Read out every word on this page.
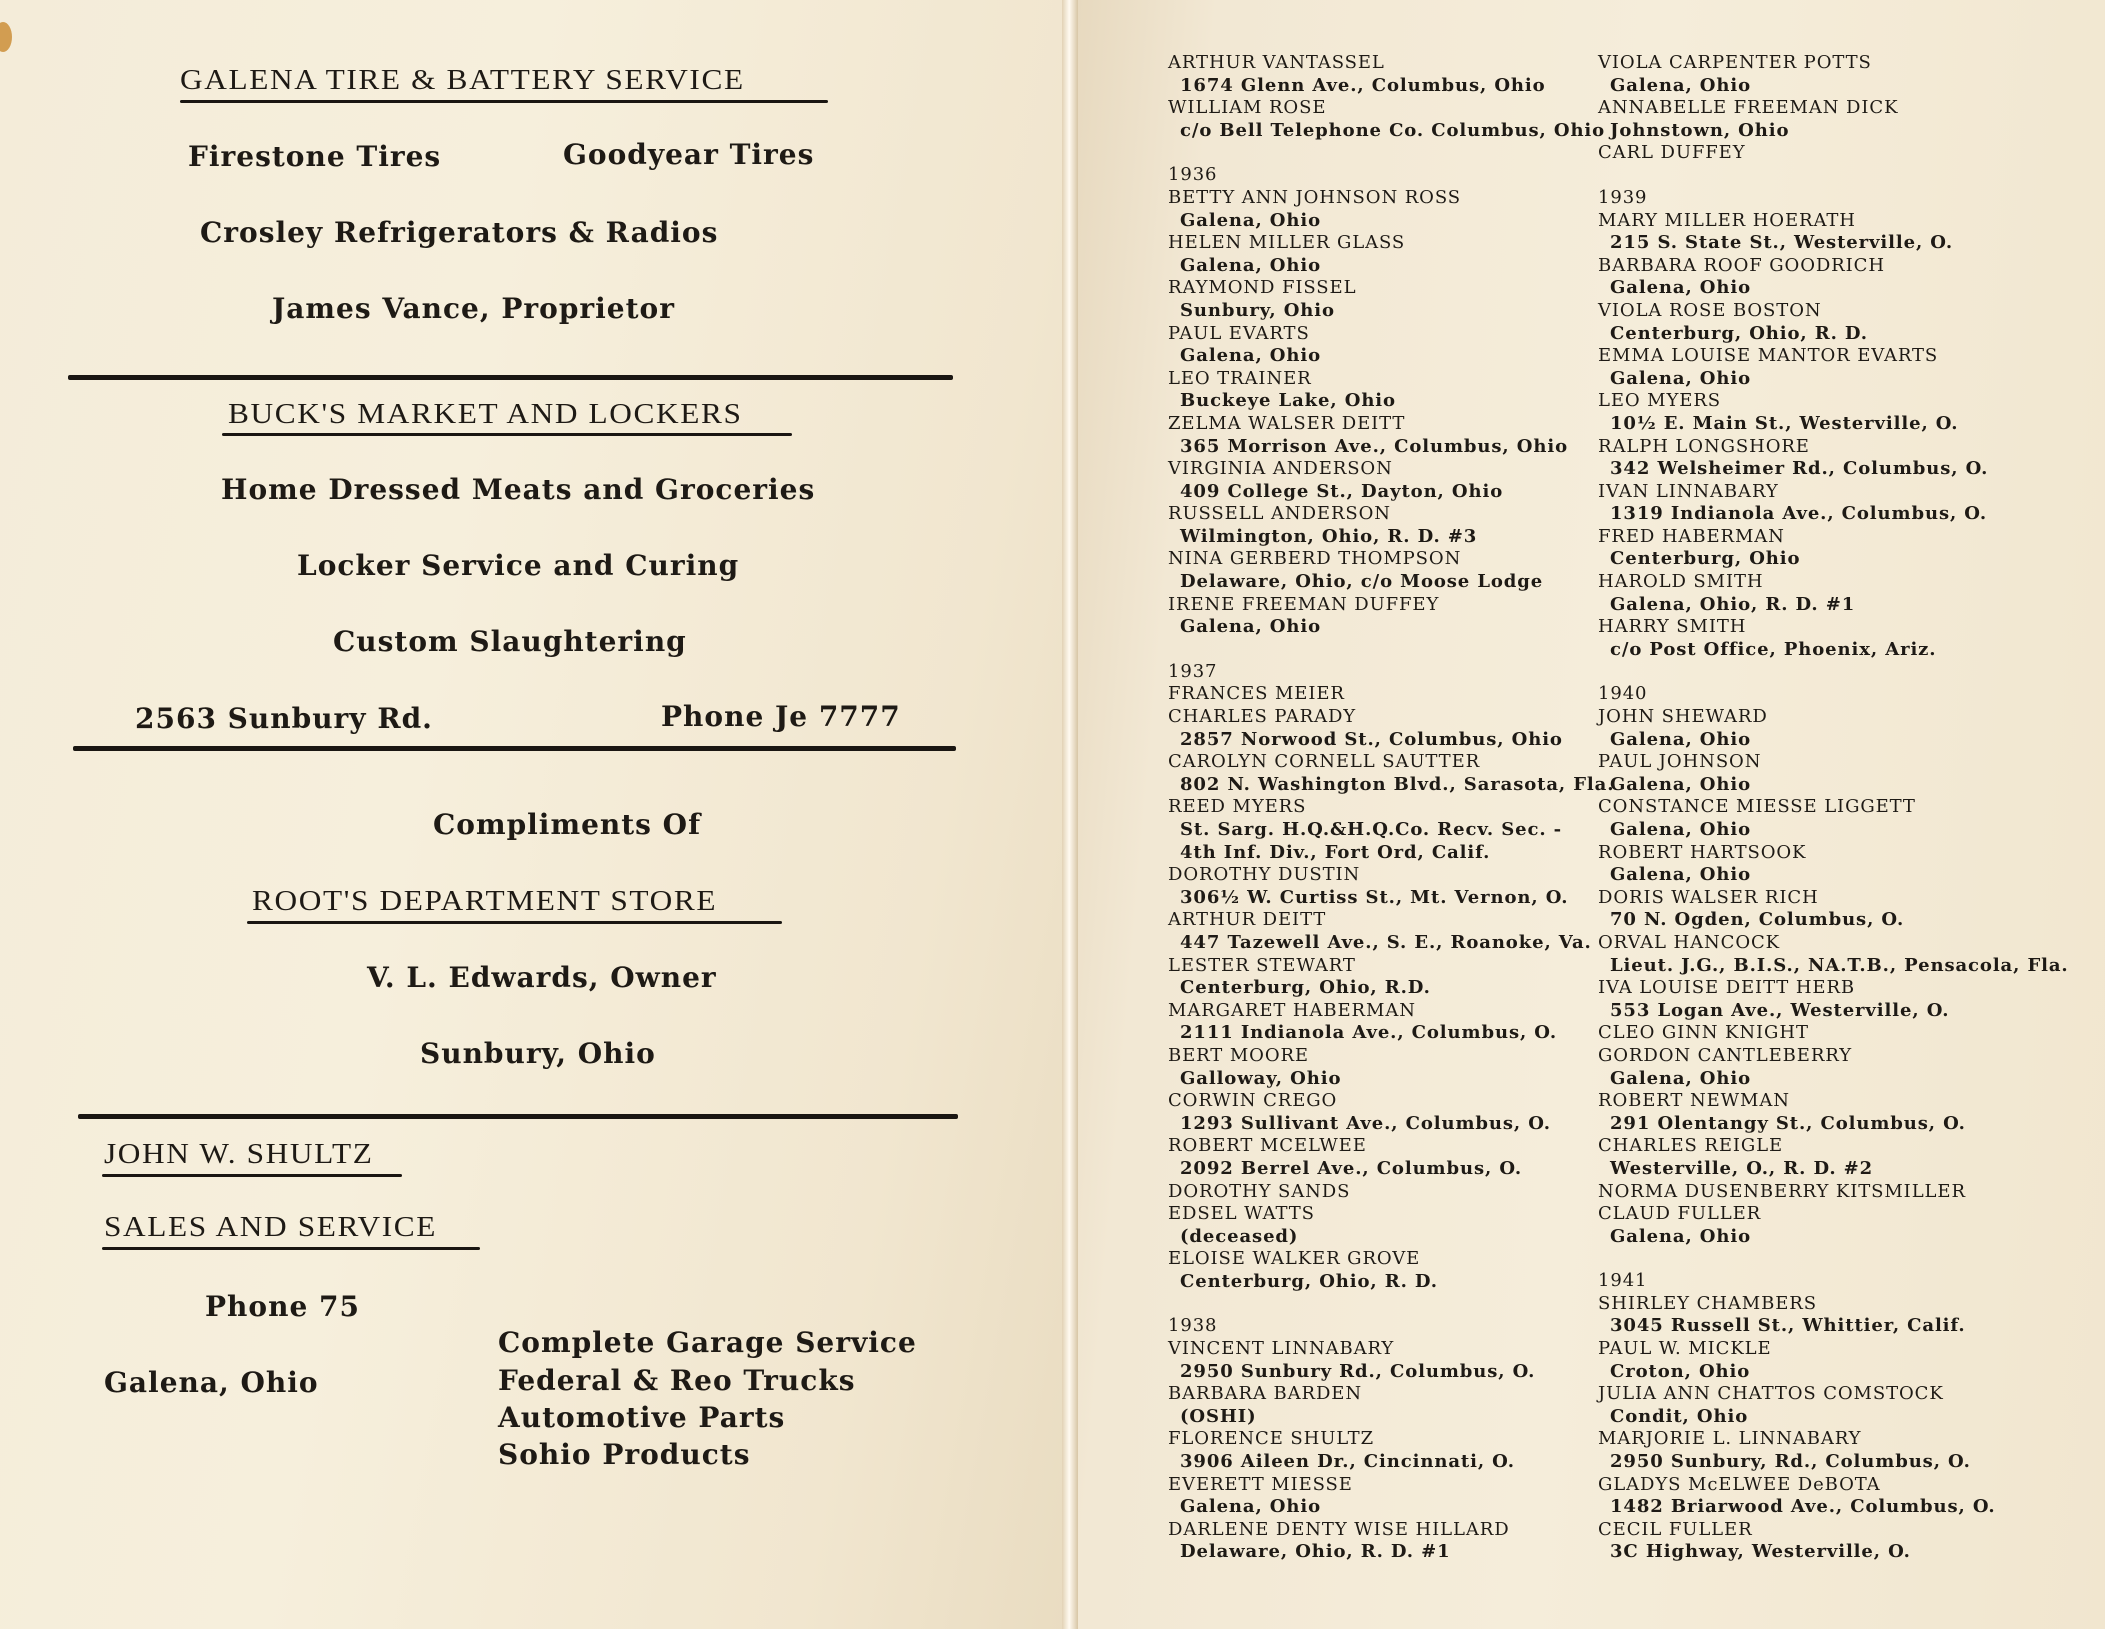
GALENA TIRE & BATTERY SERVICE
Firestone Tires	Goodyear Tires
Crosley Refrigerators & Radios
James Vance, Proprietor
BUCK'S MARKET AND LOCKERS
Home Dressed Meats and Groceries
Locker Service and Curing
Custom Slaughtering
2563 Sunbury Rd.	Phone Je 7777
Compliments Of
ROOT'S DEPARTMENT STORE
V. L. Edwards, Owner
Sunbury, Ohio
JOHN W. SHULTZ
SALES AND SERVICE
Phone 75
Galena, Ohio
Complete Garage Service
Federal & Reo Trucks
Automotive Parts
Sohio Products
ARTHUR VANTASSEL
1674 Glenn Ave., Columbus, Ohio
WILLIAM ROSE
c/o Bell Telephone Co. Columbus, Ohio
1936
BETTY ANN JOHNSON ROSS
Galena, Ohio
HELEN MILLER GLASS
Galena, Ohio
RAYMOND FISSEL
Sunbury, Ohio
PAUL EVARTS
Galena, Ohio
LEO TRAINER
Buckeye Lake, Ohio
ZELMA WALSER DEITT
365 Morrison Ave., Columbus, Ohio
VIRGINIA ANDERSON
409 College St., Dayton, Ohio
RUSSELL ANDERSON
Wilmington, Ohio, R. D. #3
NINA GERBERD THOMPSON
Delaware, Ohio, c/o Moose Lodge
IRENE FREEMAN DUFFEY
Galena, Ohio
1937
FRANCES MEIER
CHARLES PARADY
2857 Norwood St., Columbus, Ohio
CAROLYN CORNELL SAUTTER
802 N. Washington Blvd., Sarasota, Fla.
REED MYERS
St. Sarg. H.Q.&H.Q.Co. Recv. Sec. -
4th Inf. Div., Fort Ord, Calif.
DOROTHY DUSTIN
306½ W. Curtiss St., Mt. Vernon, O.
ARTHUR DEITT
447 Tazewell Ave., S. E., Roanoke, Va.
LESTER STEWART
Centerburg, Ohio, R.D.
MARGARET HABERMAN
2111 Indianola Ave., Columbus, O.
BERT MOORE
Galloway, Ohio
CORWIN CREGO
1293 Sullivant Ave., Columbus, O.
ROBERT MCELWEE
2092 Berrel Ave., Columbus, O.
DOROTHY SANDS
EDSEL WATTS
(deceased)
ELOISE WALKER GROVE
Centerburg, Ohio, R. D.
1938
VINCENT LINNABARY
2950 Sunbury Rd., Columbus, O.
BARBARA BARDEN
(OSHI)
FLORENCE SHULTZ
3906 Aileen Dr., Cincinnati, O.
EVERETT MIESSE
Galena, Ohio
DARLENE DENTY WISE HILLARD
Delaware, Ohio, R. D. #1
VIOLA CARPENTER POTTS
Galena, Ohio
ANNABELLE FREEMAN DICK
Johnstown, Ohio
CARL DUFFEY
1939
MARY MILLER HOERATH
215 S. State St., Westerville, O.
BARBARA ROOF GOODRICH
Galena, Ohio
VIOLA ROSE BOSTON
Centerburg, Ohio, R. D.
EMMA LOUISE MANTOR EVARTS
Galena, Ohio
LEO MYERS
10½ E. Main St., Westerville, O.
RALPH LONGSHORE
342 Welsheimer Rd., Columbus, O.
IVAN LINNABARY
1319 Indianola Ave., Columbus, O.
FRED HABERMAN
Centerburg, Ohio
HAROLD SMITH
Galena, Ohio, R. D. #1
HARRY SMITH
c/o Post Office, Phoenix, Ariz.
1940
JOHN SHEWARD
Galena, Ohio
PAUL JOHNSON
Galena, Ohio
CONSTANCE MIESSE LIGGETT
Galena, Ohio
ROBERT HARTSOOK
Galena, Ohio
DORIS WALSER RICH
70 N. Ogden, Columbus, O.
ORVAL HANCOCK
Lieut. J.G., B.I.S., NA.T.B., Pensacola, Fla.
IVA LOUISE DEITT HERB
553 Logan Ave., Westerville, O.
CLEO GINN KNIGHT
GORDON CANTLEBERRY
Galena, Ohio
ROBERT NEWMAN
291 Olentangy St., Columbus, O.
CHARLES REIGLE
Westerville, O., R. D. #2
NORMA DUSENBERRY KITSMILLER
CLAUD FULLER
Galena, Ohio
1941
SHIRLEY CHAMBERS
3045 Russell St., Whittier, Calif.
PAUL W. MICKLE
Croton, Ohio
JULIA ANN CHATTOS COMSTOCK
Condit, Ohio
MARJORIE L. LINNABARY
2950 Sunbury, Rd., Columbus, O.
GLADYS McELWEE DeBOTA
1482 Briarwood Ave., Columbus, O.
CECIL FULLER
3C Highway, Westerville, O.
